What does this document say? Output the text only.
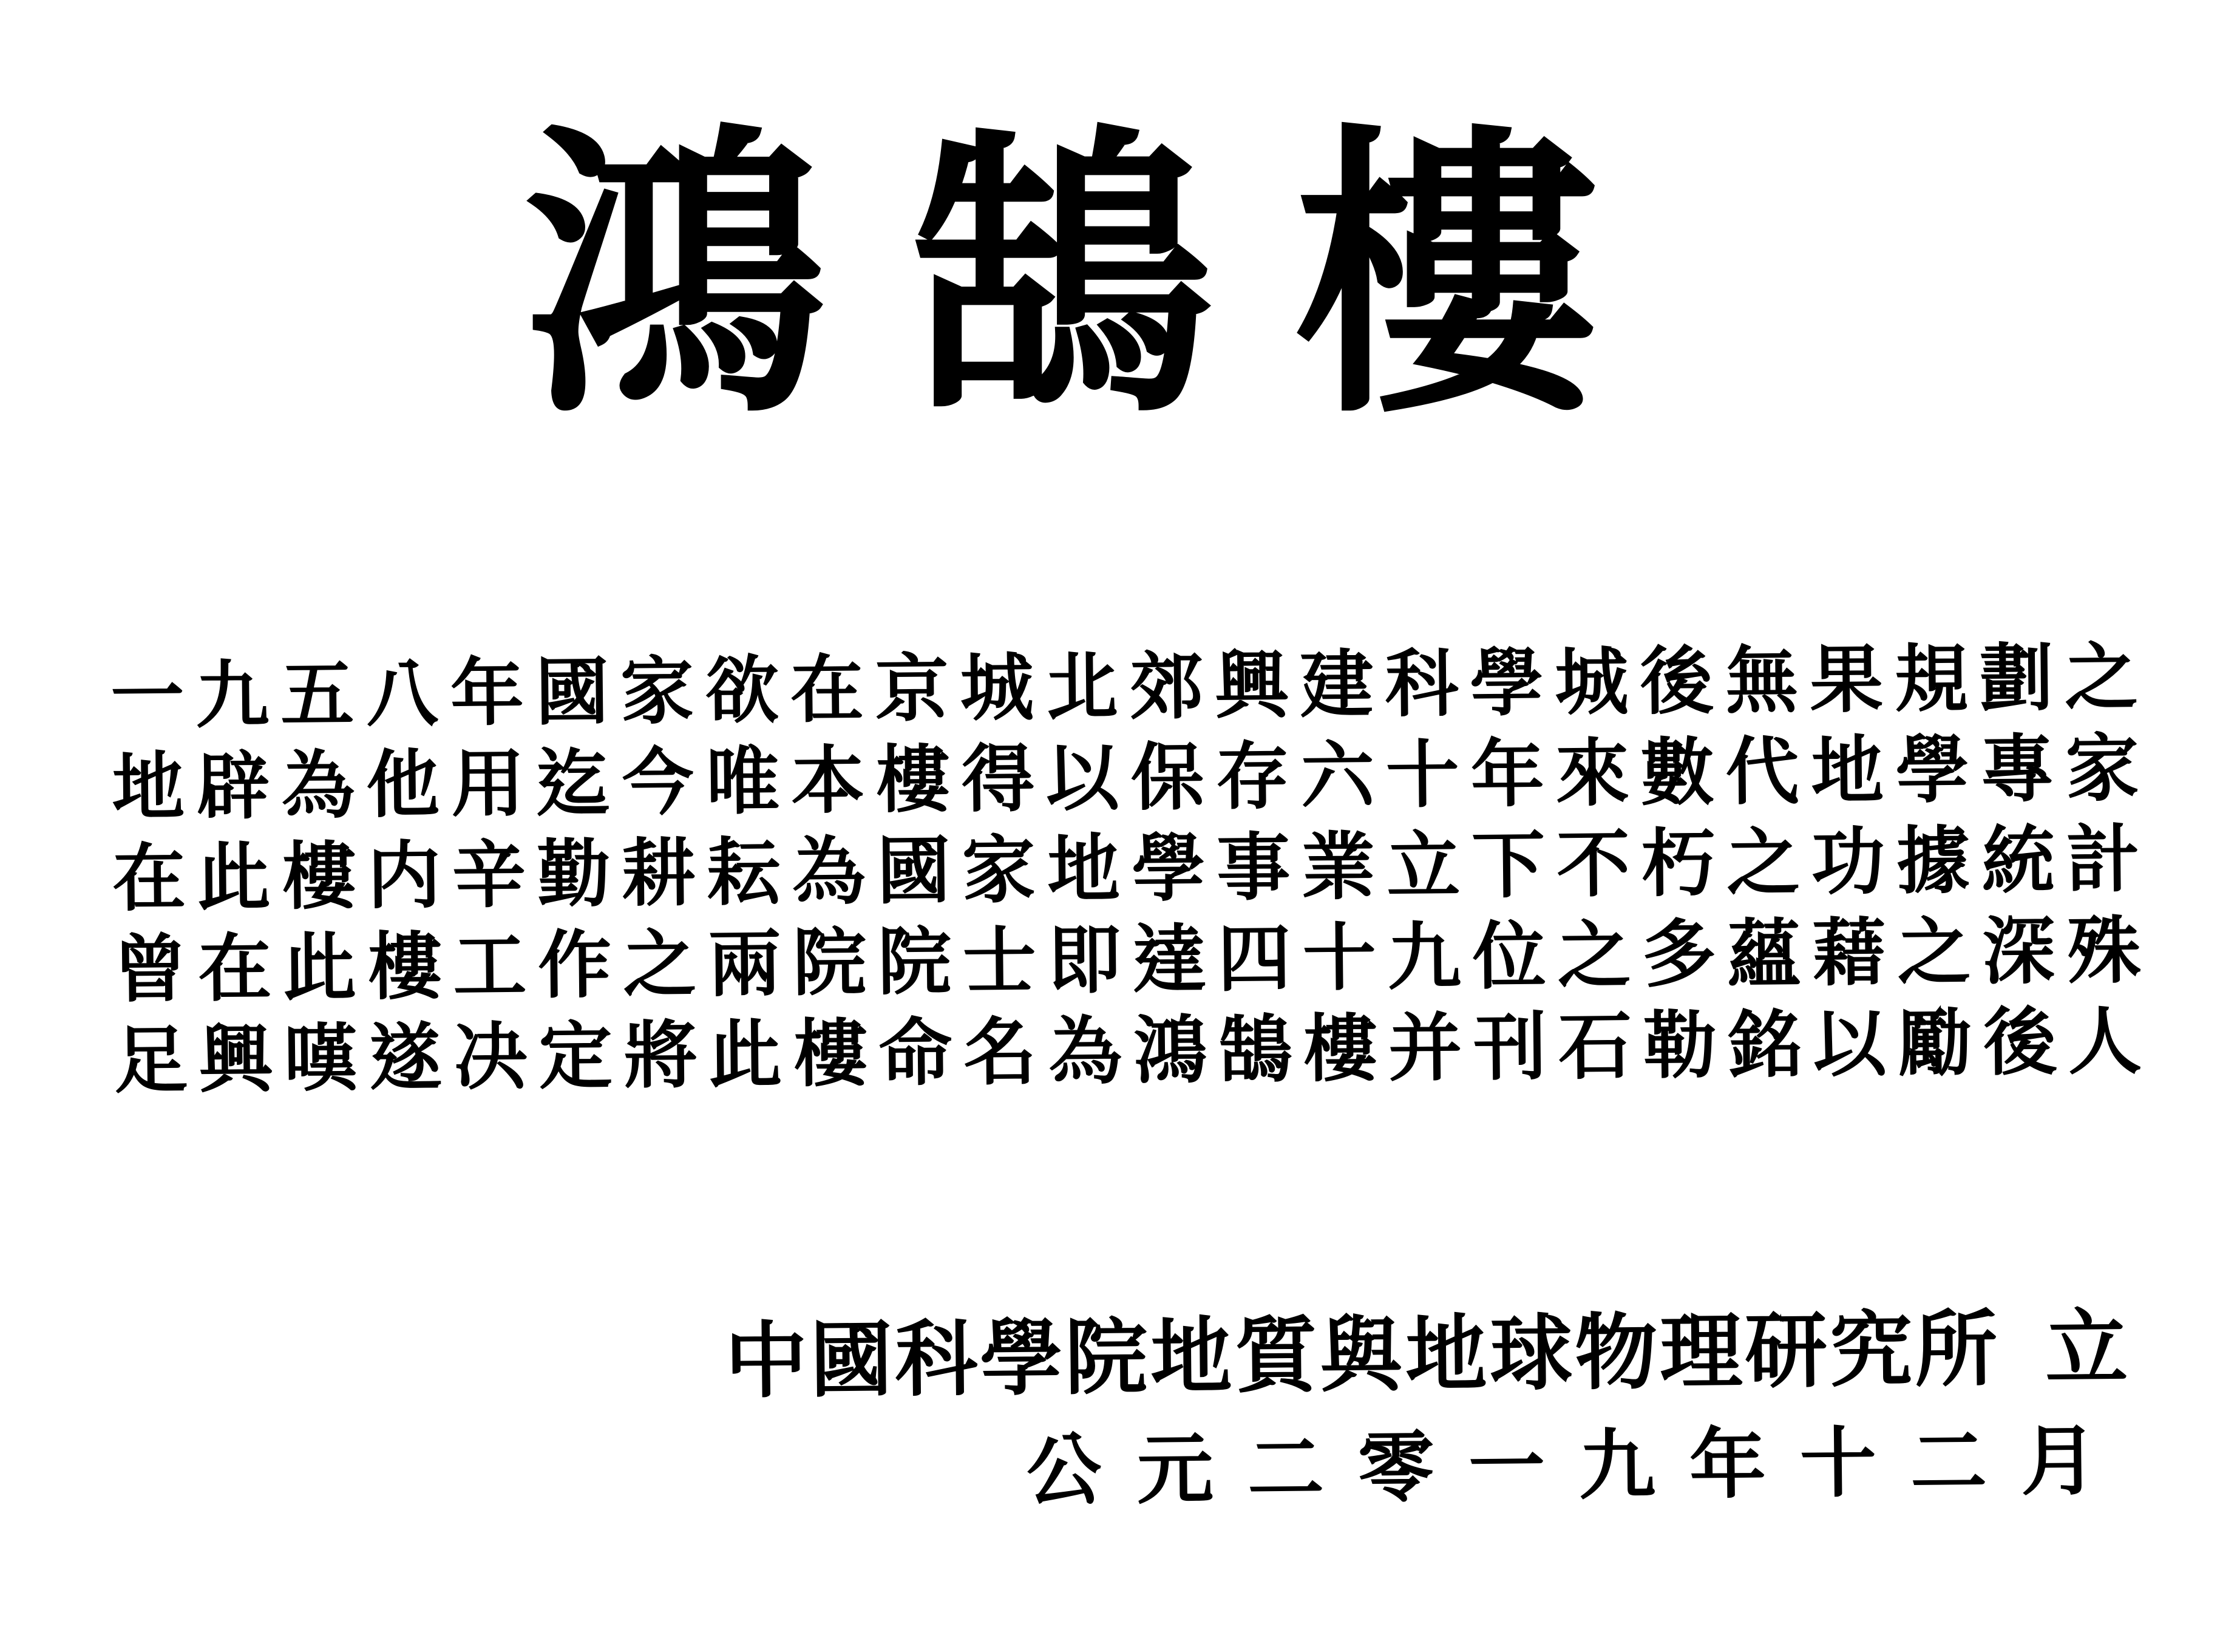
鴻鵠樓
一 九 五 八 年 國 家 欲 在 京 城 北 郊 興 建 科 學 城 後 無 果 規 劃 之
地 辟 為 他 用 迄 今 唯 本 樓 得 以 保 存 六 十 年 來 數 代 地 學 專 家
在 此 樓 内 辛 勤 耕 耘 為 國 家 地 學 事 業 立 下 不 朽 之 功 據 統 計
曾 在 此 樓 工 作 之 兩 院 院 士 即 達 四 十 九 位 之 多 蘊 藉 之 深 殊
足 興 嘆 遂 决 定 將 此 樓 命 名 為 鴻 鵠 樓 并 刊 石 勒 銘 以 勵 後 人
中國科學院地質與地球物理研究所 立
公元二零一九年十二月
